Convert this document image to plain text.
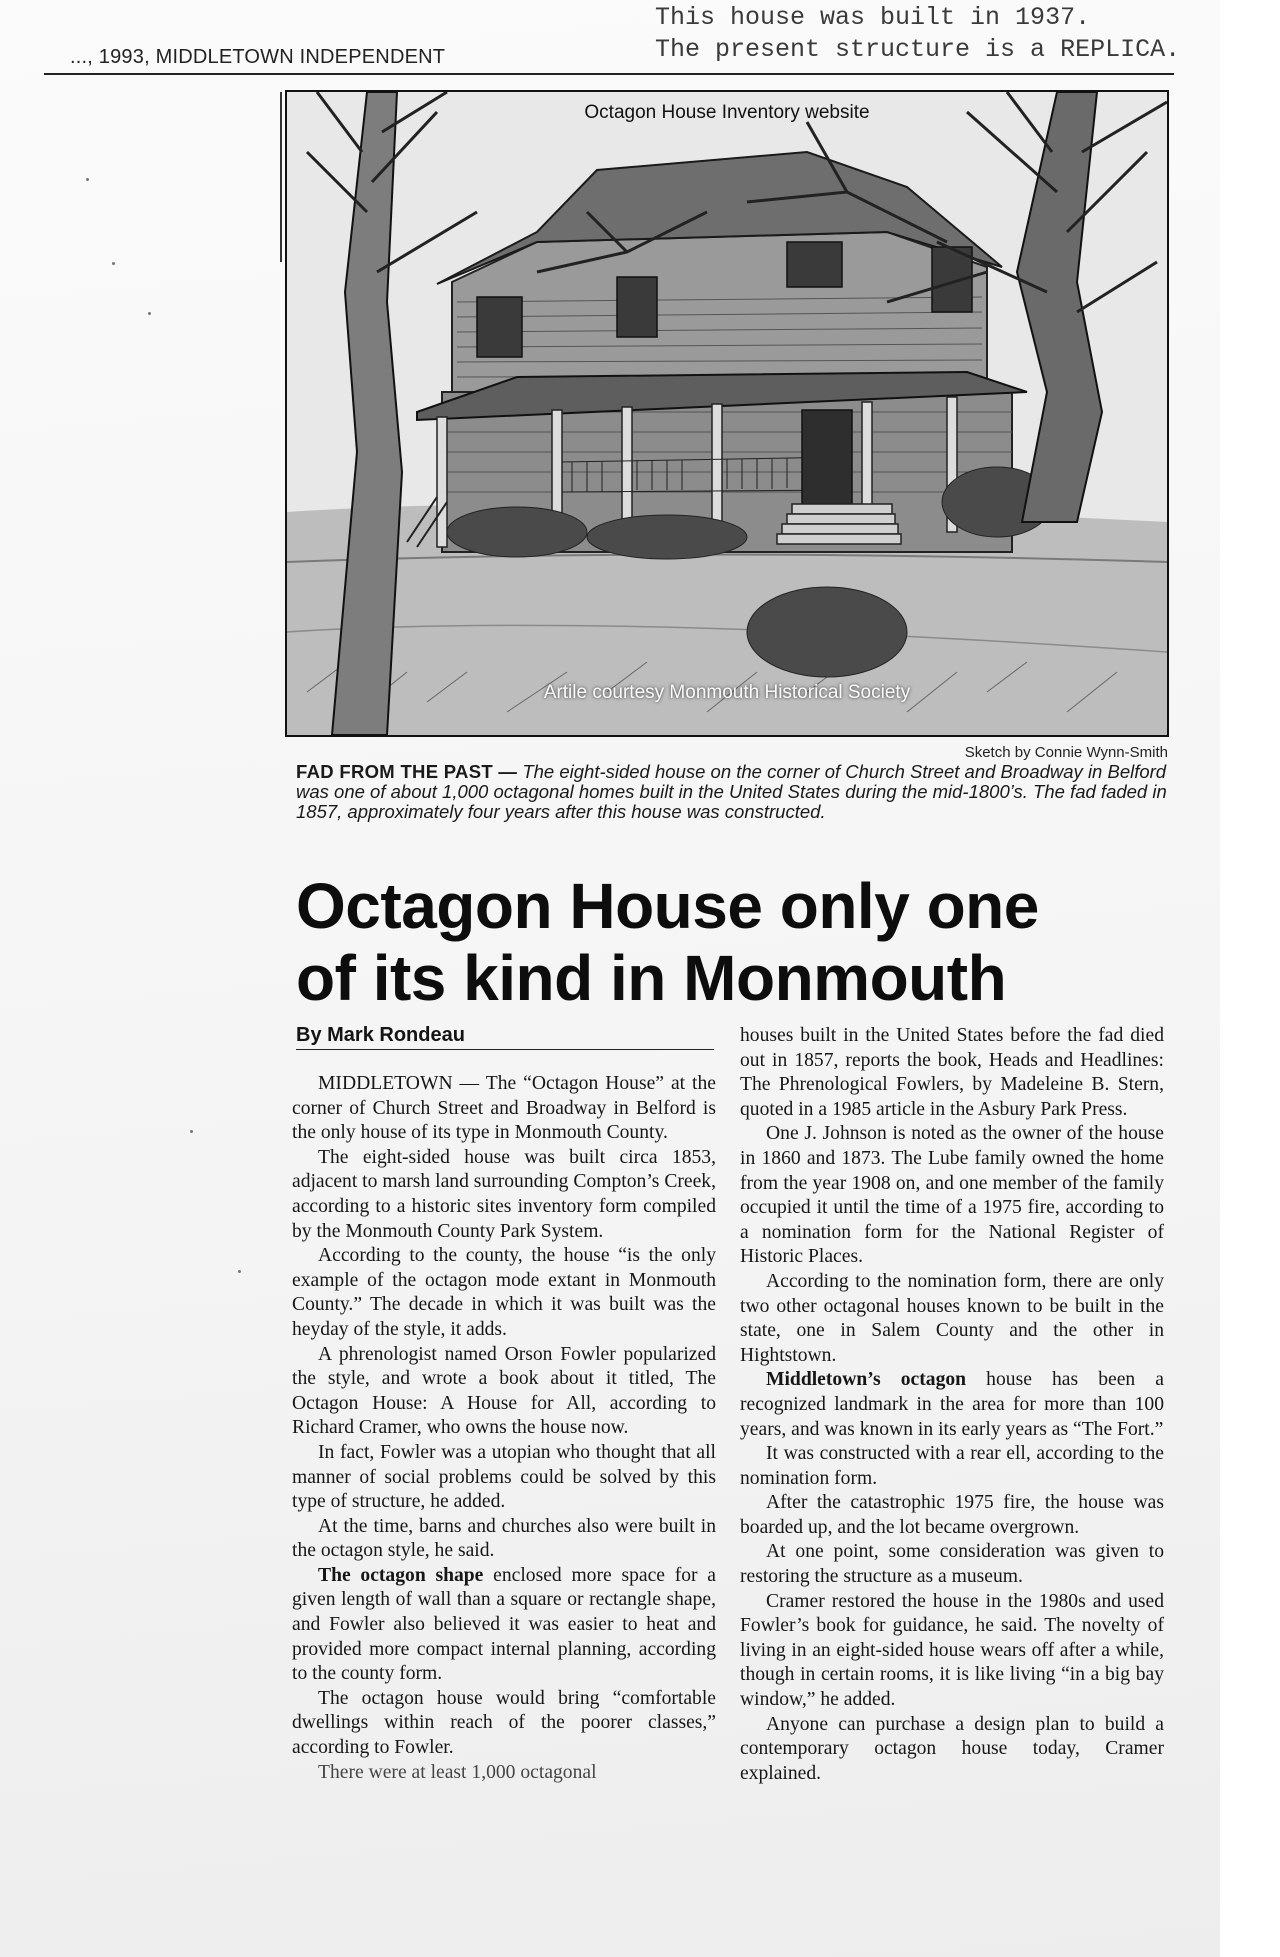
..., 1993, MIDDLETOWN INDEPENDENT
This house was built in 1937.
The present structure is a REPLICA.
Octagon House Inventory website
Artile courtesy Monmouth Historical Society
Sketch by Connie Wynn-Smith
FAD FROM THE PAST — The eight-sided house on the corner of Church Street and Broadway in Belford was one of about 1,000 octagonal homes built in the United States during the mid-1800’s. The fad faded in 1857, approximately four years after this house was constructed.
Octagon House only one
of its kind in Monmouth
By Mark Rondeau

MIDDLETOWN — The “Octagon House” at the corner of Church Street and Broadway in Belford is the only house of its type in Monmouth County.

The eight-sided house was built circa 1853, adjacent to marsh land surrounding Compton’s Creek, according to a historic sites inventory form compiled by the Monmouth County Park System.

According to the county, the house “is the only example of the octagon mode extant in Monmouth County.” The decade in which it was built was the heyday of the style, it adds.

A phrenologist named Orson Fowler popularized the style, and wrote a book about it titled, The Octagon House: A House for All, according to Richard Cramer, who owns the house now.

In fact, Fowler was a utopian who thought that all manner of social problems could be solved by this type of structure, he added.

At the time, barns and churches also were built in the octagon style, he said.

The octagon shape enclosed more space for a given length of wall than a square or rectangle shape, and Fowler also believed it was easier to heat and provided more compact internal planning, according to the county form.

The octagon house would bring “comfortable dwellings within reach of the poorer classes,” according to Fowler.

There were at least 1,000 octagonal

houses built in the United States before the fad died out in 1857, reports the book, Heads and Headlines: The Phrenological Fowlers, by Madeleine B. Stern, quoted in a 1985 article in the Asbury Park Press.

One J. Johnson is noted as the owner of the house in 1860 and 1873. The Lube family owned the home from the year 1908 on, and one member of the family occupied it until the time of a 1975 fire, according to a nomination form for the National Register of Historic Places.

According to the nomination form, there are only two other octagonal houses known to be built in the state, one in Salem County and the other in Hightstown.

Middletown’s octagon house has been a recognized landmark in the area for more than 100 years, and was known in its early years as “The Fort.”

It was constructed with a rear ell, according to the nomination form.

After the catastrophic 1975 fire, the house was boarded up, and the lot became overgrown.

At one point, some consideration was given to restoring the structure as a museum.

Cramer restored the house in the 1980s and used Fowler’s book for guidance, he said. The novelty of living in an eight-sided house wears off after a while, though in certain rooms, it is like living “in a big bay window,” he added.

Anyone can purchase a design plan to build a contemporary octagon house today, Cramer explained.
